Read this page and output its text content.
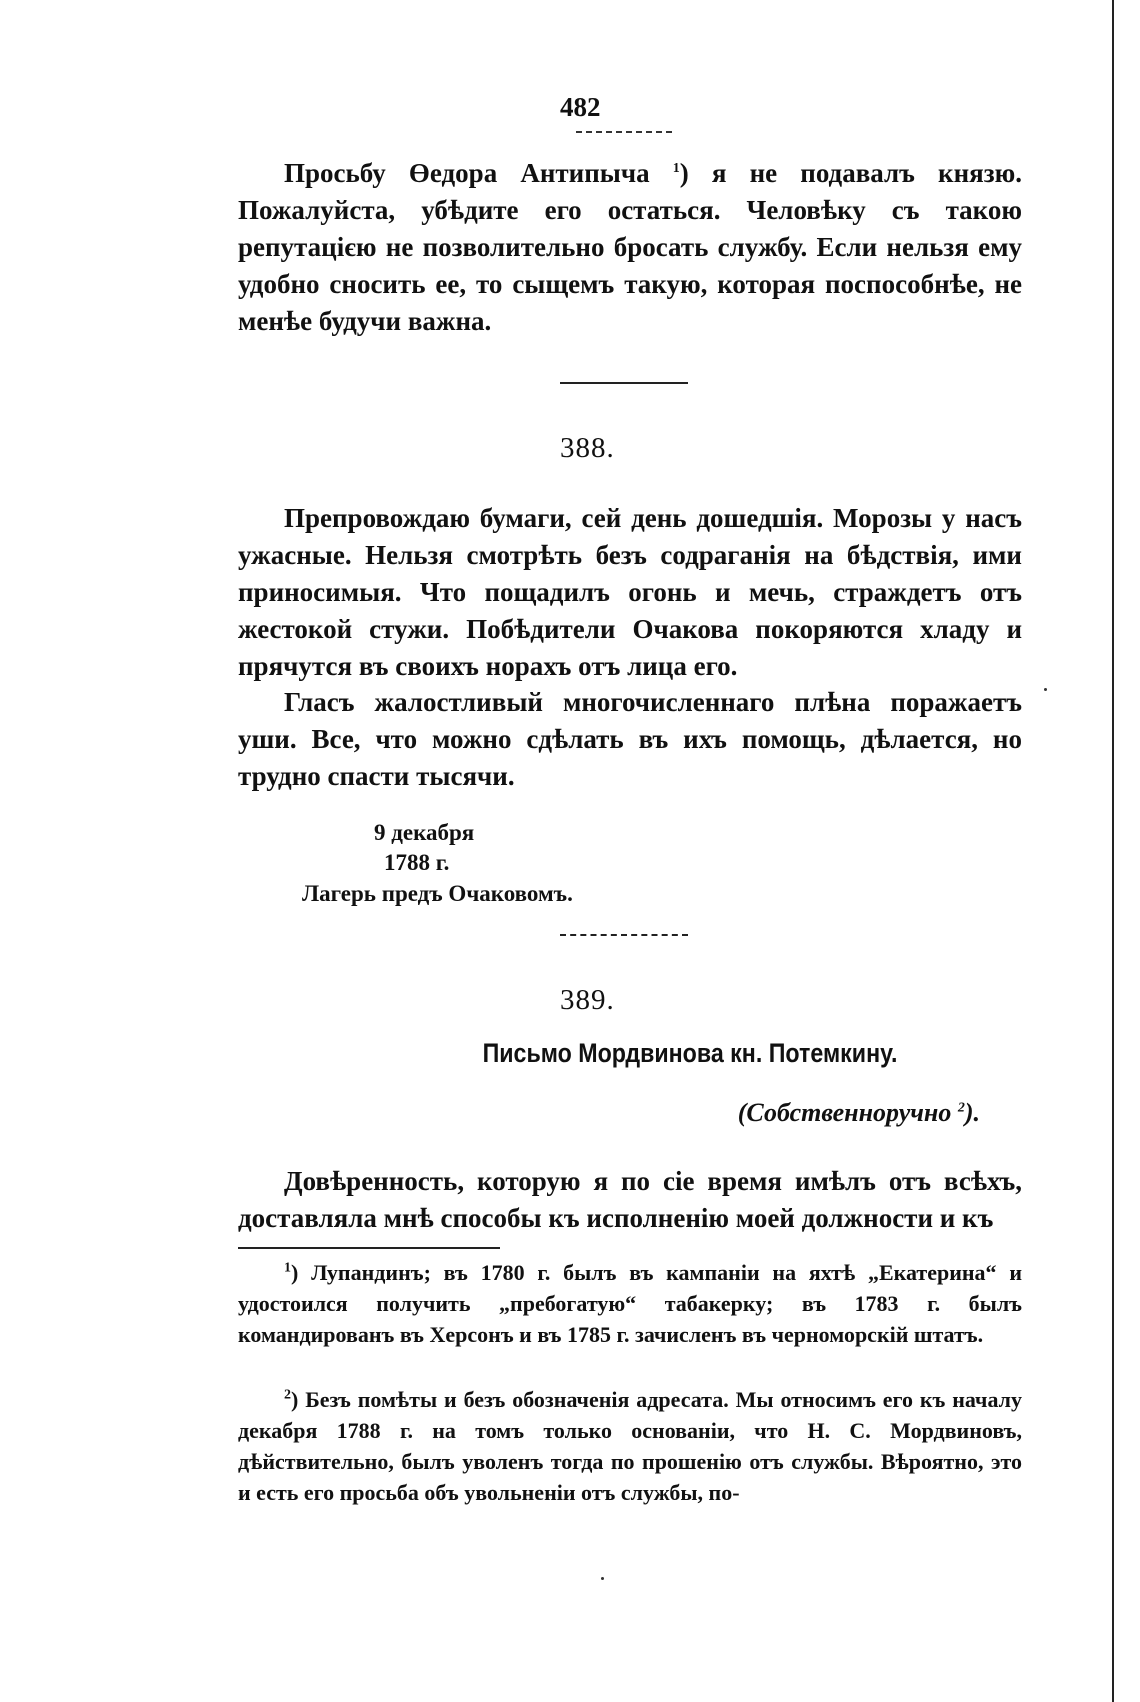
482

Просьбу Өедора Антипыча $^1$) я не подавалъ князю. Пожалуйста, убѣдите его остаться. Человѣку съ такою репутацією не позволительно бросать службу. Если нельзя ему удобно сносить ее, то сыщемъ такую, которая поспособнѣе, не менѣе будучи важна.

388.

Препровождаю бумаги, сей день дошедшія. Морозы у насъ ужасные. Нельзя смотрѣть безъ содраганія на бѣдствія, ими приносимыя. Что пощадилъ огонь и мечь, страждетъ отъ жестокой стужи. Побѣдители Очакова покоряются хладу и прячутся въ своихъ норахъ отъ лица его.

Гласъ жалостливый многочисленнаго плѣна поражаетъ уши. Все, что можно сдѣлать въ ихъ помощь, дѣлается, но трудно спасти тысячи.

9 декабря
1788 г.
Лагерь предъ Очаковомъ.
389.
Письмо Мордвинова кн. Потемкину.
(Собственноручно $^2$).

Довѣренность, которую я по сіе время имѣлъ отъ всѣхъ, доставляла мнѣ способы къ исполненію моей должности и къ

$^1$) Лупандинъ; въ 1780 г. былъ въ кампаніи на яхтѣ „Екатерина“ и удостоился получить „пребогатую“ табакерку; въ 1783 г. былъ командированъ въ Херсонъ и въ 1785 г. зачисленъ въ черноморскій штатъ.

$^2$) Безъ помѣты и безъ обозначенія адресата. Мы относимъ его къ началу декабря 1788 г. на томъ только основаніи, что Н. С. Мордвиновъ, дѣйствительно, былъ уволенъ тогда по прошенію отъ службы. Вѣроятно, это и есть его просьба объ увольненіи отъ службы, по-
